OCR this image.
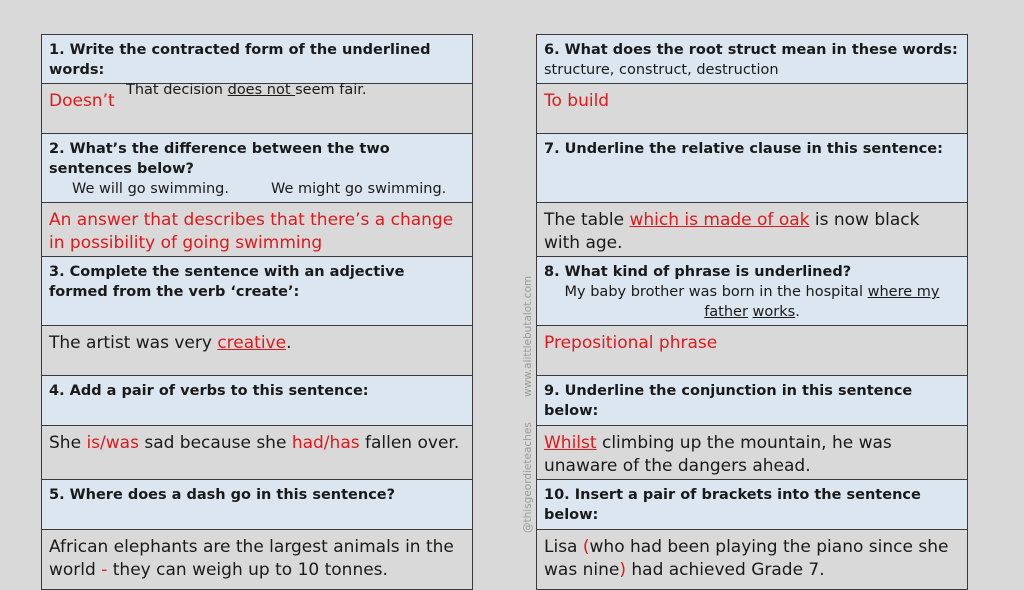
1. Write the contracted form of the underlined words:
That decision does not seem fair.
Doesn’t
2. What’s the difference between the two sentences below?
We will go swimming.	We might go swimming.
An answer that describes that there’s a change in possibility of going swimming
3. Complete the sentence with an adjective formed from the verb ‘create’:
The artist was very creative.
4. Add a pair of verbs to this sentence:
She is/was sad because she had/has fallen over.
5. Where does a dash go in this sentence?
African elephants are the largest animals in the world - they can weigh up to 10 tonnes.
www.alittlebutalot.com
@thisgeordieteaches
6. What does the root struct mean in these words:
structure, construct, destruction
To build
7. Underline the relative clause in this sentence:
The table which is made of oak is now black with age.
8. What kind of phrase is underlined?
My baby brother was born in the hospital where my father works.
Prepositional phrase
9. Underline the conjunction in this sentence below:
Whilst climbing up the mountain, he was unaware of the dangers ahead.
10. Insert a pair of brackets into the sentence below:
Lisa (who had been playing the piano since she was nine) had achieved Grade 7.
